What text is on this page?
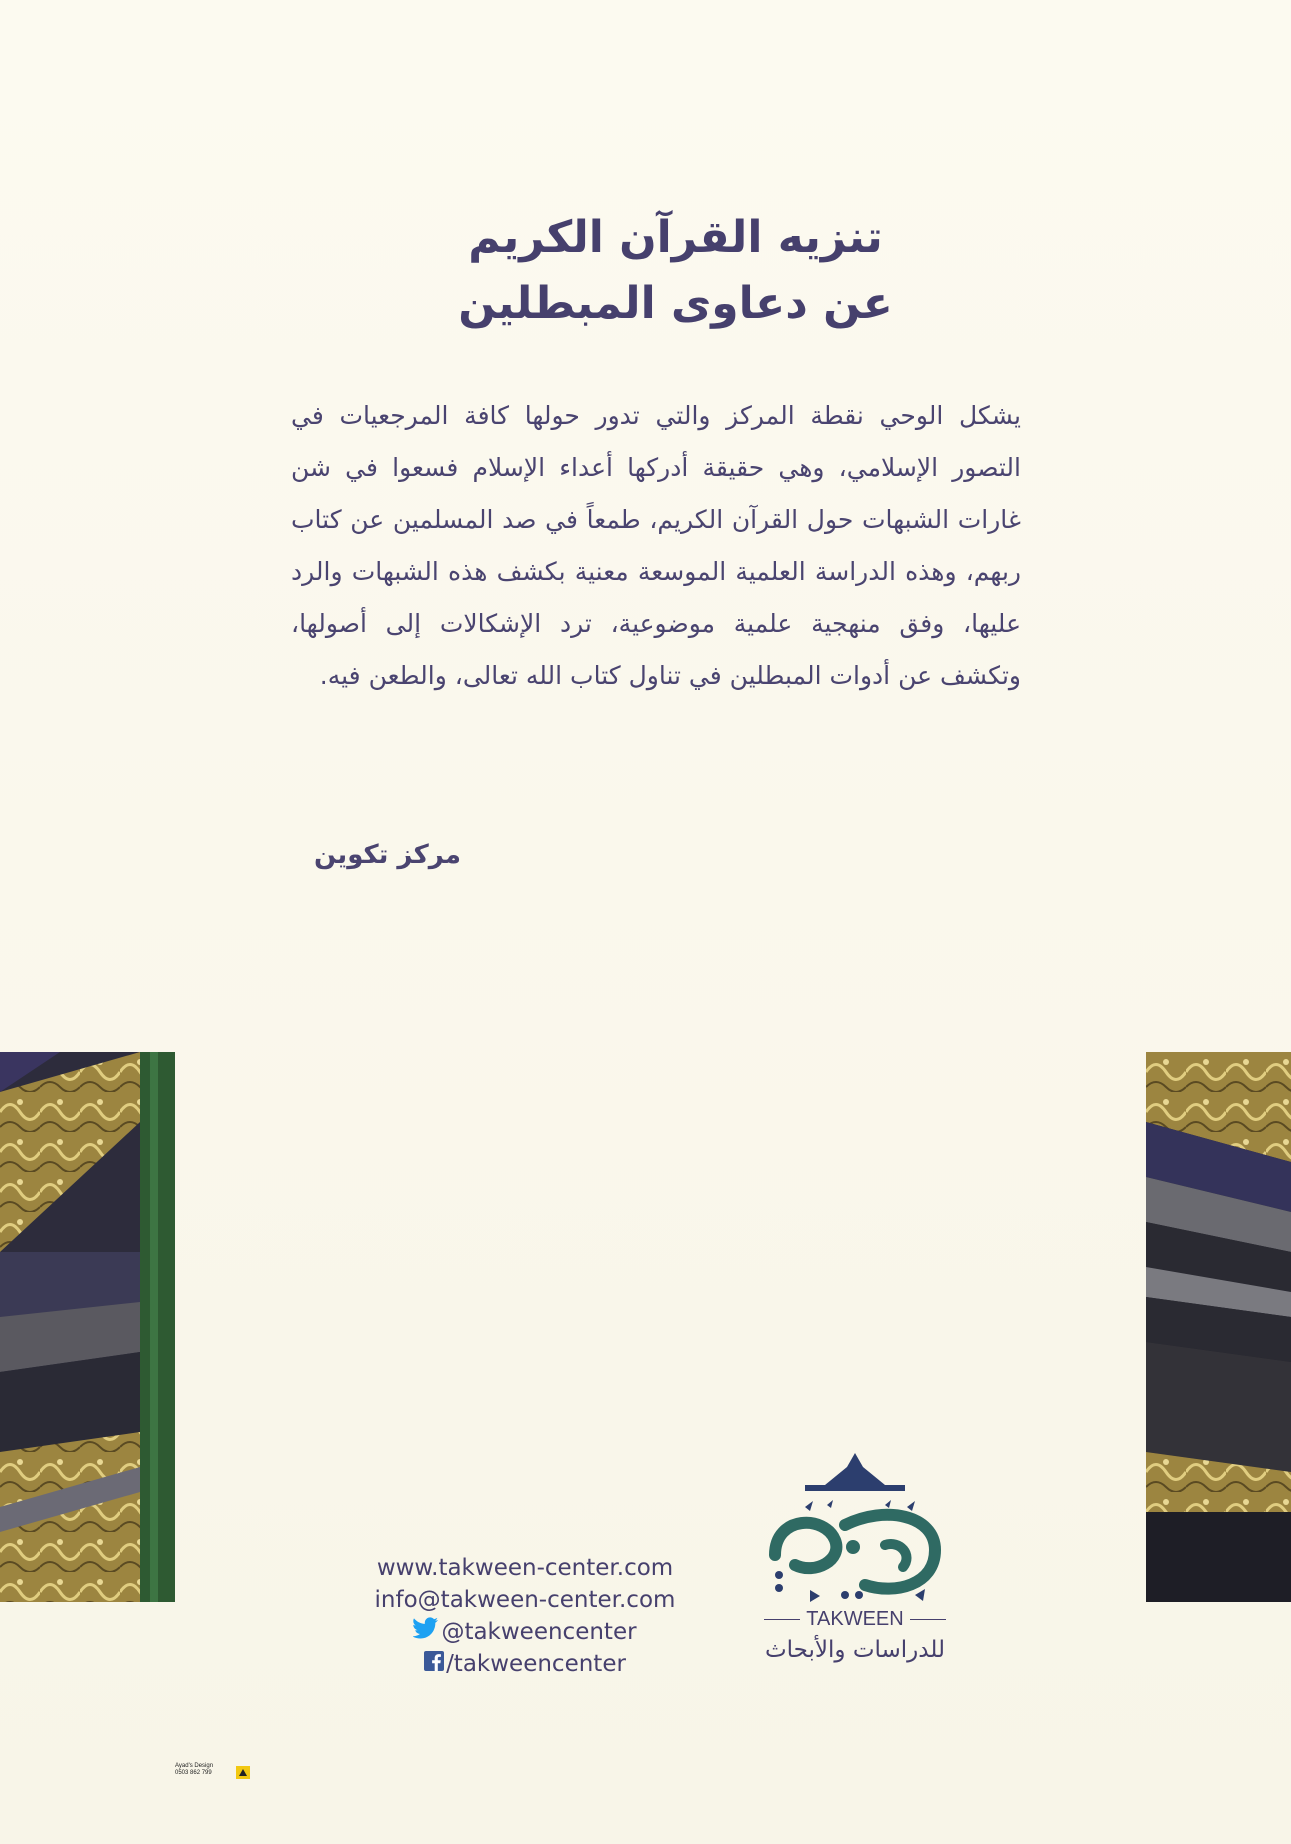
تنزيه القرآن الكريم
عن دعاوى المبطلين

يشكل الوحي نقطة المركز والتي تدور حولها كافة المرجعيات في التصور الإسلامي، وهي حقيقة أدركها أعداء الإسلام فسعوا في شن غارات الشبهات حول القرآن الكريم، طمعاً في صد المسلمين عن كتاب ربهم، وهذه الدراسة العلمية الموسعة معنية بكشف هذه الشبهات والرد عليها، وفق منهجية علمية موضوعية، ترد الإشكالات إلى أصولها، وتكشف عن أدوات المبطلين في تناول كتاب الله تعالى، والطعن فيه.

مركز تكوين
www.takween-center.com
info@takween-center.com
@takweencenter
/takweencenter
TAKWEEN
للدراسات والأبحاث
Ayad's Design
0503 862 799
